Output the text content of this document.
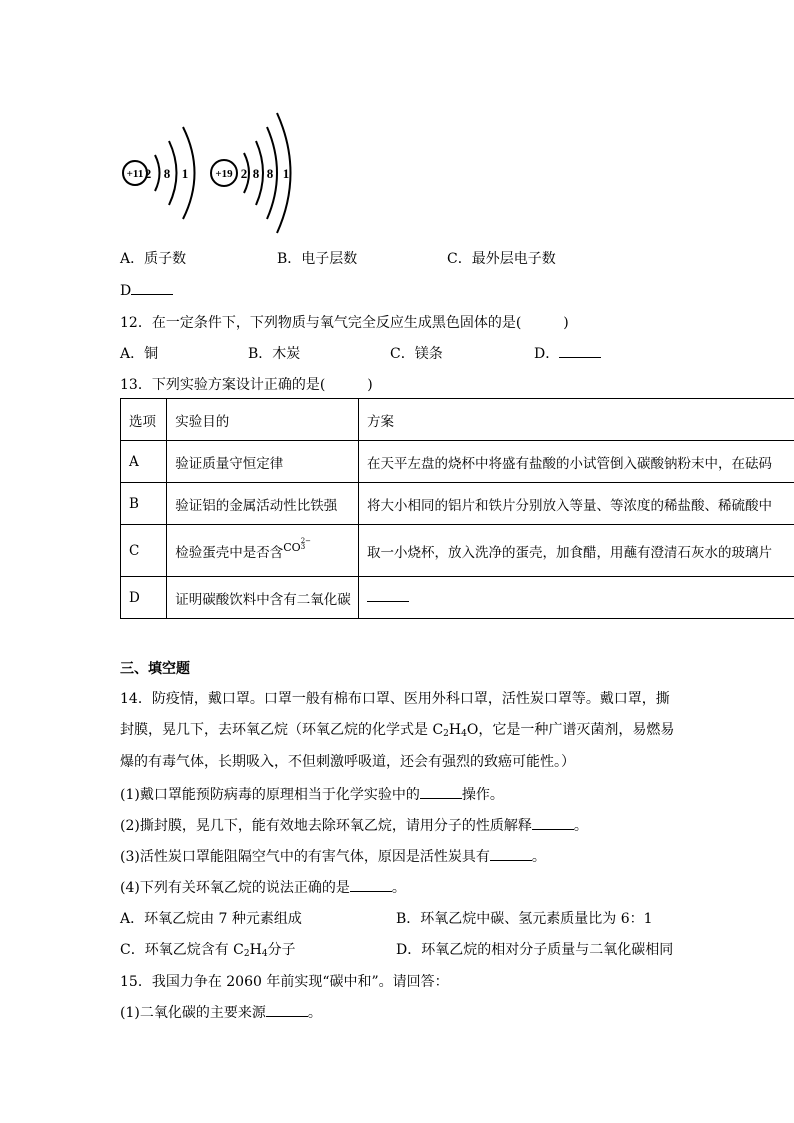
+11 2 8 1 +19 2 8 8 1
A．质子数	B．电子层数	C．最外层电子数
D
12．在一定条件下，下列物质与氧气完全反应生成黑色固体的是(　　　)
A．铜	B．木炭	C．镁条	D．
13．下列实验方案设计正确的是(　　　)
选项	实验目的	方案
A	验证质量守恒定律	在天平左盘的烧杯中将盛有盐酸的小试管倒入碳酸钠粉末中，在砝码
B	验证铝的金属活动性比铁强	将大小相同的铝片和铁片分别放入等量、等浓度的稀盐酸、稀硫酸中
C	检验蛋壳中是否含$^{CO2- 3}$	取一小烧杯，放入洗净的蛋壳，加食醋，用蘸有澄清石灰水的玻璃片
D	证明碳酸饮料中含有二氧化碳	
三、填空题
14．防疫情，戴口罩。口罩一般有棉布口罩、医用外科口罩，活性炭口罩等。戴口罩，撕
封膜，晃几下，去环氧乙烷（环氧乙烷的化学式是 $C_2H_4O$，它是一种广谱灭菌剂，易燃易
爆的有毒气体，长期吸入，不但刺激呼吸道，还会有强烈的致癌可能性。）
(1)戴口罩能预防病毒的原理相当于化学实验中的	操作。
(2)撕封膜，晃几下，能有效地去除环氧乙烷，请用分子的性质解释	。
(3)活性炭口罩能阻隔空气中的有害气体，原因是活性炭具有	。
(4)下列有关环氧乙烷的说法正确的是	。
A．环氧乙烷由 7 种元素组成	B．环氧乙烷中碳、氢元素质量比为 6：1
C．环氧乙烷含有 $C_2H_4$分子	D．环氧乙烷的相对分子质量与二氧化碳相同
15．我国力争在 2060 年前实现“碳中和”。请回答：
(1)二氧化碳的主要来源	。
